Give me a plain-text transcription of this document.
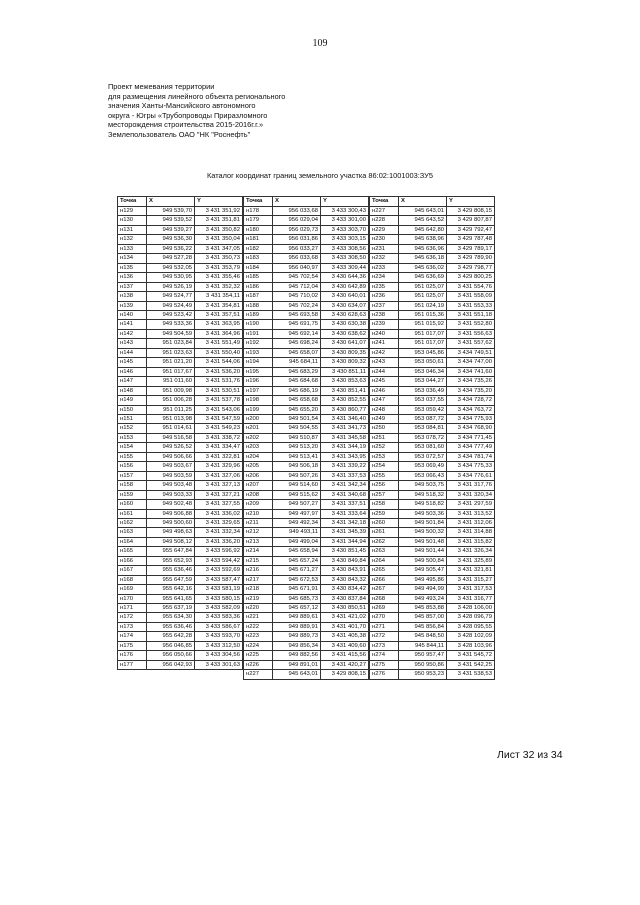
109
Проект межевания территории
для размещения линейного объекта регионального
значения Ханты-Мансийского автономного
округа - Югры «Трубопроводы Приразломного
месторождения строительства 2015-2016г.г.»
Землепользователь ОАО "НК "Роснефть"
Каталог координат границ земельного участка 86:02:1001003:ЗУ5
Точка	X	Y
н129	949 539,70	3 431 351,92
н130	949 539,52	3 431 351,81
н131	949 539,27	3 431 350,82
н132	949 536,30	3 431 350,04
н133	949 536,22	3 431 347,05
н134	949 527,28	3 431 350,73
н135	949 532,05	3 431 353,79
н136	949 530,95	3 431 355,46
н137	949 526,19	3 431 352,32
н138	949 524,77	3 431 354,11
н139	949 524,49	3 431 354,81
н140	949 523,42	3 431 357,51
н141	949 533,36	3 431 363,95
н142	949 504,59	3 431 364,96
н143	951 023,84	3 431 551,49
н144	951 023,63	3 431 550,40
н145	951 021,20	3 431 544,06
н146	951 017,67	3 431 536,20
н147	951 011,60	3 431 531,76
н148	951 009,98	3 431 530,51
н149	951 006,28	3 431 537,78
н150	951 011,25	3 431 543,06
н151	951 013,98	3 431 547,59
н152	951 014,61	3 431 549,23
н153	949 516,58	3 431 338,72
н154	949 526,52	3 431 334,47
н155	949 506,66	3 431 322,81
н156	949 503,67	3 431 329,96
н157	949 503,59	3 431 327,06
н158	949 503,48	3 431 327,13
н159	949 503,33	3 431 327,21
н160	949 502,48	3 431 327,55
н161	949 506,88	3 431 336,02
н162	949 500,60	3 431 329,65
н163	949 498,63	3 431 332,34
н164	949 508,12	3 431 336,20
н165	955 647,84	3 433 596,92
н166	955 652,93	3 433 594,42
н167	955 636,46	3 433 592,69
н168	955 647,59	3 433 587,47
н169	955 642,16	3 433 581,19
н170	955 641,65	3 433 580,15
н171	955 637,19	3 433 582,09
н172	955 634,30	3 433 583,36
н173	955 636,46	3 433 586,67
н174	955 642,28	3 433 593,70
н175	956 046,85	3 433 312,50
н176	956 050,66	3 433 304,56
н177	956 042,93	3 433 301,63

Точка	X	Y
н178	956 033,68	3 433 300,43
н179	956 029,04	3 433 301,00
н180	956 029,73	3 433 303,70
н181	956 031,86	3 433 303,15
н182	956 033,27	3 433 308,56
н183	956 033,68	3 433 308,50
н184	956 040,97	3 433 309,44
н185	945 702,54	3 430 644,36
н186	945 712,04	3 430 642,89
н187	945 710,02	3 430 640,01
н188	945 702,24	3 430 634,07
н189	945 693,58	3 430 628,63
н190	945 691,75	3 430 630,38
н191	945 692,14	3 430 638,62
н192	945 698,24	3 430 641,07
н193	945 658,07	3 430 809,35
н194	945 684,11	3 430 809,32
н195	945 683,29	3 430 851,11
н196	945 684,68	3 430 853,63
н197	945 686,19	3 430 851,41
н198	945 658,68	3 430 852,55
н199	945 655,20	3 430 860,77
н200	949 501,54	3 431 346,40
н201	949 504,55	3 431 341,73
н202	949 510,87	3 431 345,58
н203	949 513,20	3 431 344,19
н204	949 513,41	3 431 343,95
н205	949 506,18	3 431 339,22
н206	949 507,26	3 431 337,53
н207	949 514,60	3 431 342,34
н208	949 515,62	3 431 340,68
н209	949 507,27	3 431 337,51
н210	949 497,97	3 431 333,64
н211	949 492,34	3 431 342,18
н212	949 493,11	3 431 345,39
н213	949 499,04	3 431 344,94
н214	945 658,94	3 430 851,45
н215	945 657,24	3 430 849,84
н216	945 671,27	3 430 843,91
н217	945 672,53	3 430 843,32
н218	945 671,91	3 430 834,42
н219	945 685,73	3 430 837,84
н220	945 657,12	3 430 850,51
н221	949 889,61	3 431 421,02
н222	949 889,91	3 431 401,70
н223	949 889,73	3 431 405,38
н224	949 856,34	3 431 409,60
н225	949 882,56	3 431 415,56
н226	949 891,01	3 431 420,27
н227	945 643,01	3 429 808,15
Точка	X	Y
н227	945 643,01	3 429 808,15
н228	945 643,52	3 429 807,87
н229	945 642,80	3 429 792,47
н230	945 638,96	3 429 787,48
н231	945 636,96	3 429 789,17
н232	945 636,18	3 429 789,90
н233	945 636,02	3 429 798,77
н234	945 636,69	3 429 800,25
н235	951 025,07	3 431 554,76
н236	951 025,07	3 431 558,09
н237	951 024,19	3 431 553,33
н238	951 015,36	3 431 551,18
н239	951 015,92	3 431 552,80
н240	951 017,07	3 431 556,63
н241	951 017,07	3 431 557,62
н242	953 045,86	3 434 749,51
н243	953 050,61	3 434 747,00
н244	953 046,34	3 434 741,60
н245	953 044,27	3 434 735,26
н246	953 036,49	3 434 735,20
н247	953 037,55	3 434 728,72
н248	953 059,42	3 434 763,72
н249	953 087,72	3 434 775,93
н250	953 084,81	3 434 768,90
н251	953 078,72	3 434 771,45
н252	953 081,60	3 434 777,49
н253	953 072,57	3 434 781,74
н254	953 069,49	3 434 775,33
н255	953 066,43	3 434 776,61
н256	949 503,75	3 431 317,76
н257	949 518,32	3 431 320,34
н258	949 518,82	3 431 297,59
н259	949 503,36	3 431 313,52
н260	949 501,84	3 431 312,06
н261	949 500,32	3 431 314,88
н262	949 501,48	3 431 315,82
н263	949 501,44	3 431 326,34
н264	949 500,84	3 431 325,89
н265	949 505,47	3 431 321,81
н266	949 495,86	3 431 315,27
н267	949 494,99	3 431 317,53
н268	949 493,24	3 431 316,77
н269	945 853,88	3 428 106,00
н270	945 857,00	3 428 096,79
н271	945 856,84	3 428 095,55
н272	945 848,50	3 428 102,09
н273	945 844,11	3 428 103,96
н274	950 957,47	3 431 545,72
н275	950 950,86	3 431 542,25
н276	950 953,23	3 431 538,53
Лист 32 из 34
